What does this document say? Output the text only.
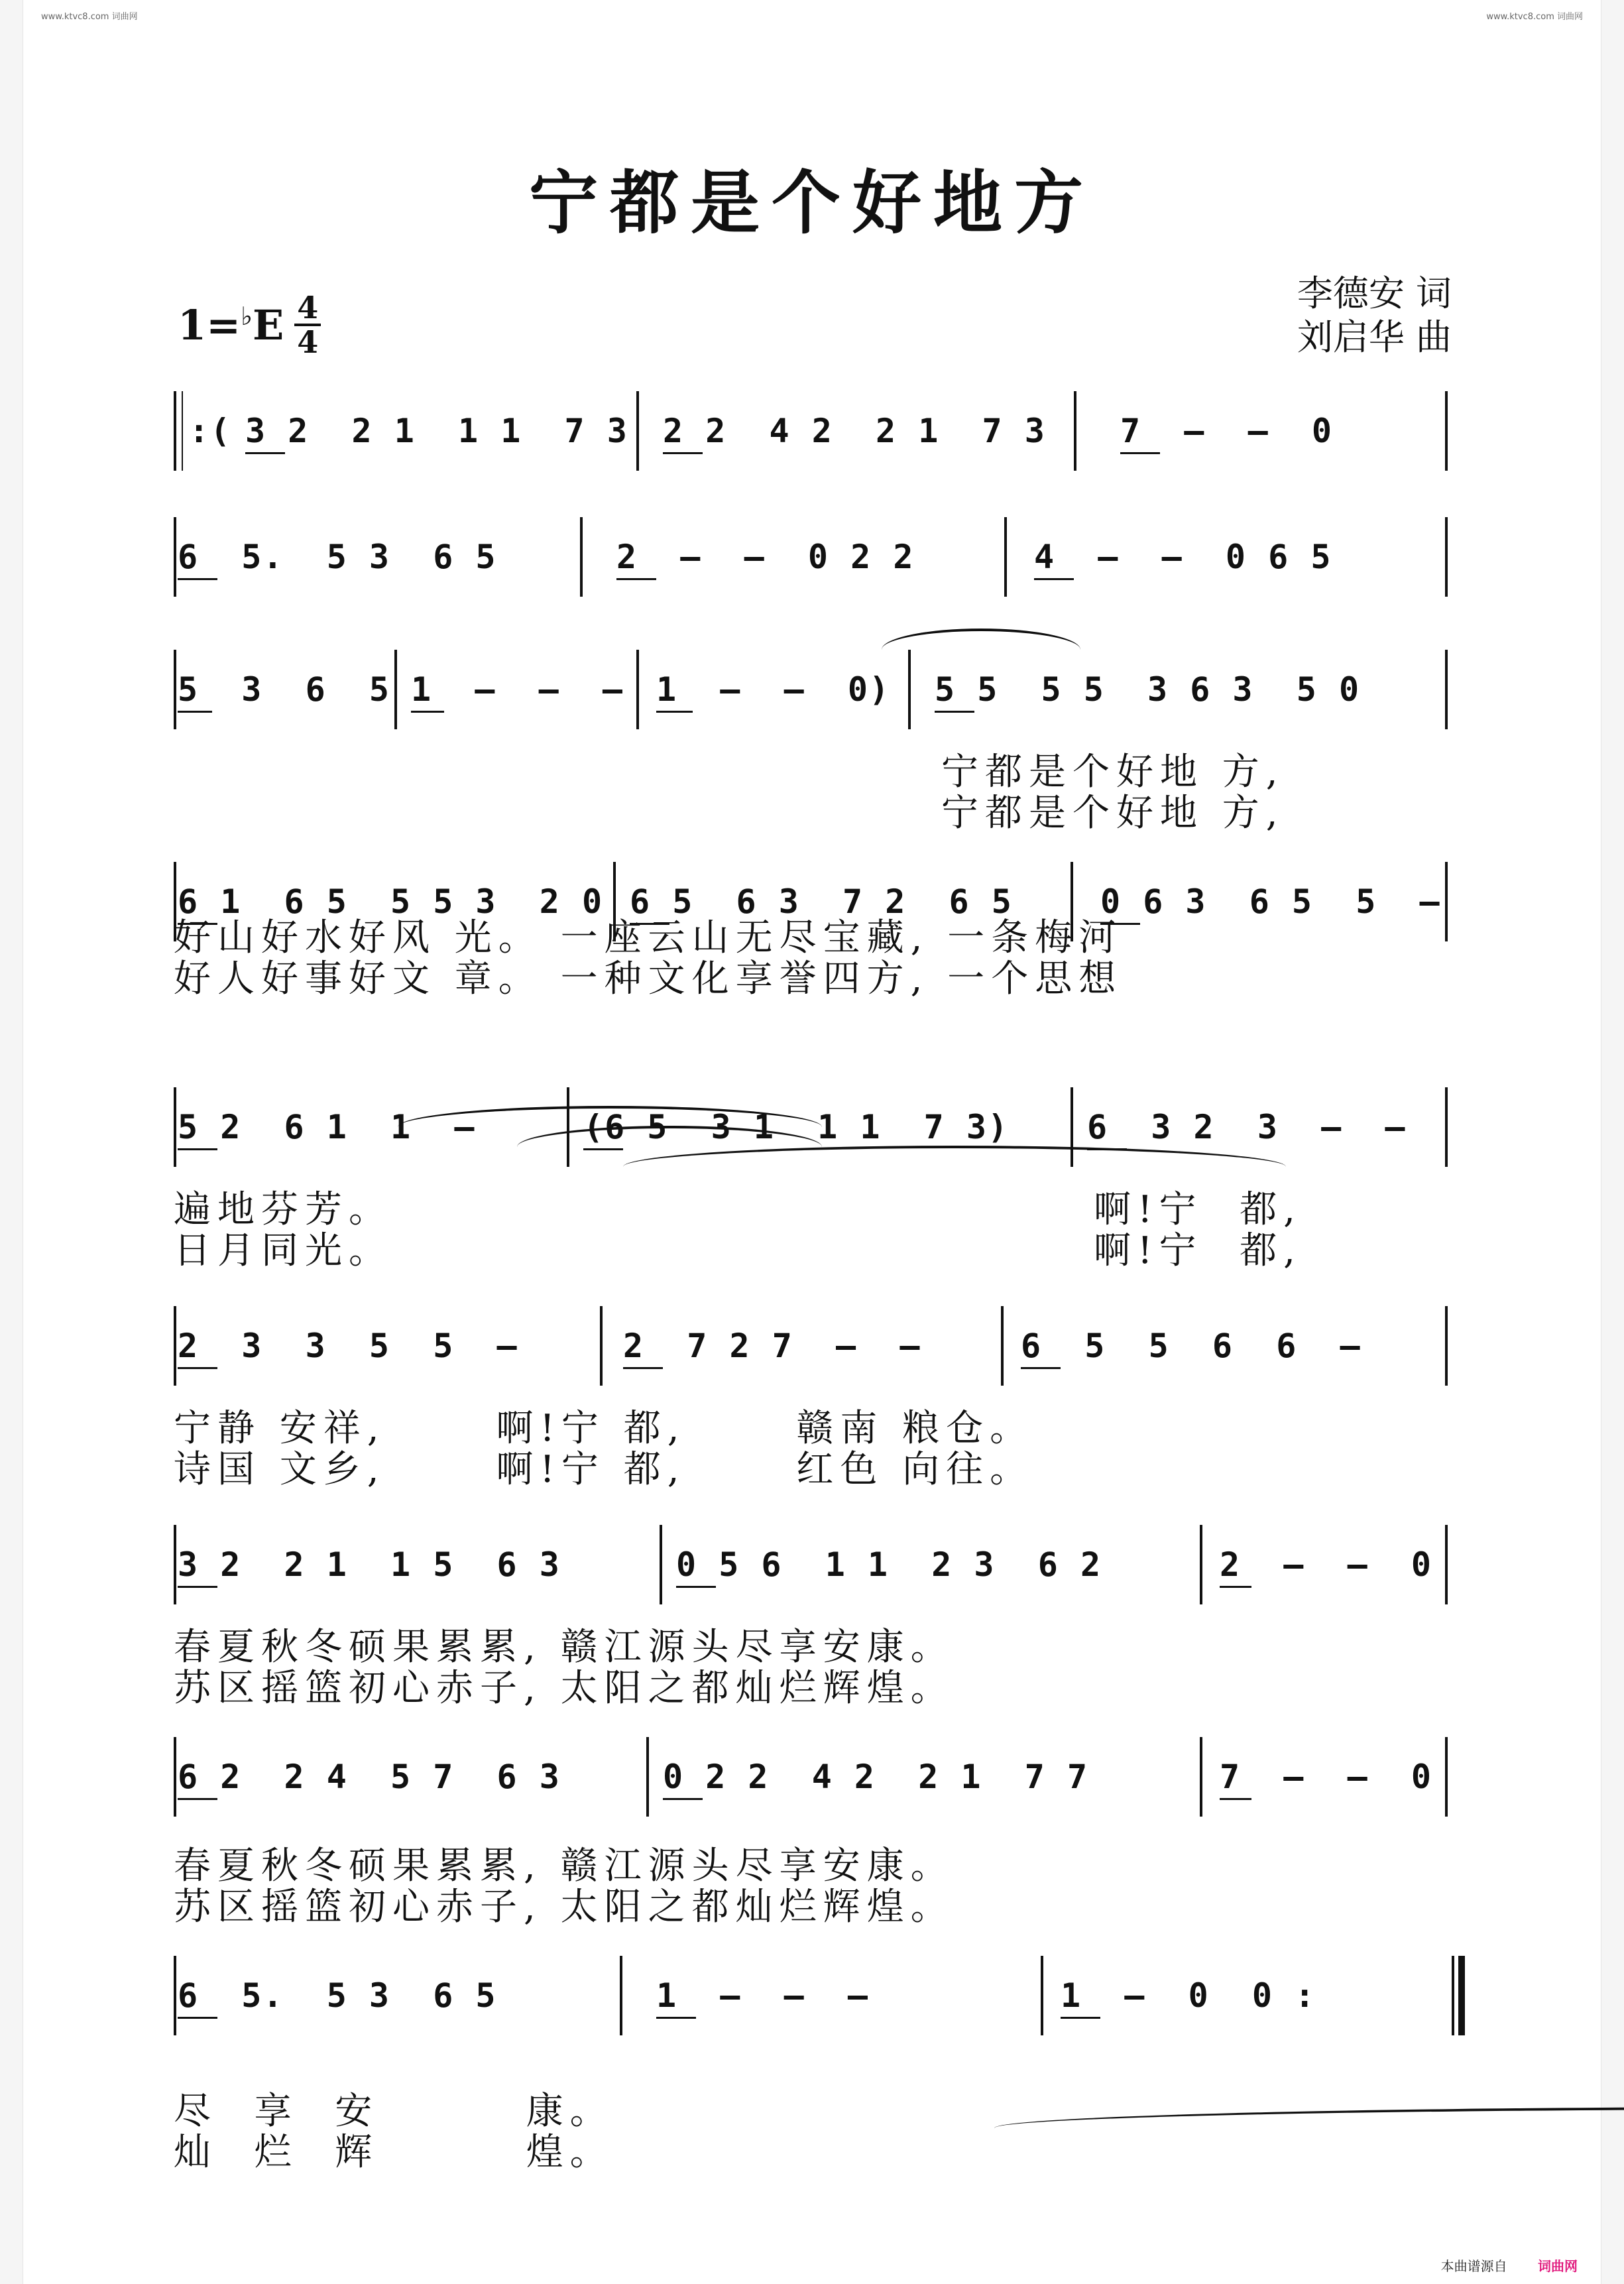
www.ktvc8.com 词曲网	www.ktvc8.com 词曲网
宁都是个好地方
1= ♭ E $\frac{4}{4}$	李德安 词
刘启华 曲
:( 3 2  2 1  1 1  7 3 2 2  4 2  2 1  7 3 7  –  –  0
6  5.  5 3  6 5	2  –  –  0 2 2	4  –  –  0 6 5
5  3  6  5 1  –  –  – 1  –  –  0) 5 5  5 5  3 6 3  5 0
宁都是个好地 方,
宁都是个好地 方,
6 1  6 5  5 5 3  2 0 6 5  6 3  7 2  6 5	0 6 3  6 5  5  –
好山好水好风 光。 一座云山无尽宝藏, 一条梅河
好人好事好文 章。 一种文化享誉四方, 一个思想
5 2  6 1  1  –	(6 5  3 1  1 1  7 3) 6  3 2  3  –  –
遍地芬芳。
日月同光。
啊!宁  都,
啊!宁  都,
2  3  3  5  5  –	2  7 2 7  –  –	6  5  5  6  6  –
宁静 安祥,      啊!宁 都,      赣南 粮仓。
诗国 文乡,      啊!宁 都,      红色 向往。
3 2  2 1  1 5  6 3	0 5 6  1 1  2 3  6 2	2  –  –  0
春夏秋冬硕果累累, 赣江源头尽享安康。
苏区摇篮初心赤子, 太阳之都灿烂辉煌。
6 2  2 4  5 7  6 3	0 2 2  4 2  2 1  7 7	7  –  –  0
春夏秋冬硕果累累, 赣江源头尽享安康。
苏区摇篮初心赤子, 太阳之都灿烂辉煌。
6  5.  5 3  6 5	1  –  –  –	1  –  0  0 :
尽  享  安        康。
灿  烂  辉        煌。
本曲谱源自 词曲网
